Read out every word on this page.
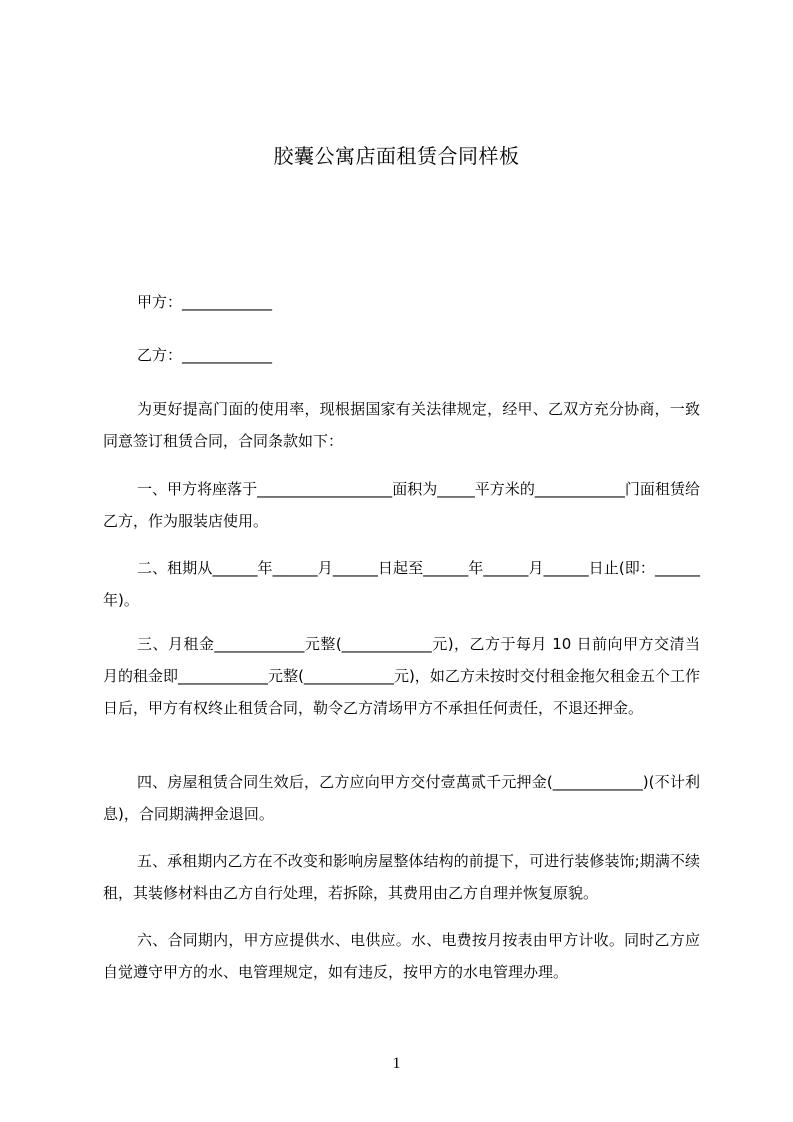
胶囊公寓店面租赁合同样板
甲方：____________
乙方：____________
为更好提高门面的使用率，现根据国家有关法律规定，经甲、乙双方充分协商，一致同意签订租赁合同，合同条款如下：
一、甲方将座落于__________________面积为_____平方米的____________门面租赁给乙方，作为服装店使用。
二、租期从______年______月______日起至______年______月______日止(即：______年)。
三、月租金____________元整(____________元)，乙方于每月 10 日前向甲方交清当月的租金即____________元整(____________元)，如乙方未按时交付租金拖欠租金五个工作日后，甲方有权终止租赁合同，勒令乙方清场甲方不承担任何责任，不退还押金。
四、房屋租赁合同生效后，乙方应向甲方交付壹萬贰千元押金(____________)(不计利息)，合同期满押金退回。
五、承租期内乙方在不改变和影响房屋整体结构的前提下，可进行装修装饰;期满不续租，其装修材料由乙方自行处理，若拆除，其费用由乙方自理并恢复原貌。
六、合同期内，甲方应提供水、电供应。水、电费按月按表由甲方计收。同时乙方应自觉遵守甲方的水、电管理规定，如有违反，按甲方的水电管理办理。
1
